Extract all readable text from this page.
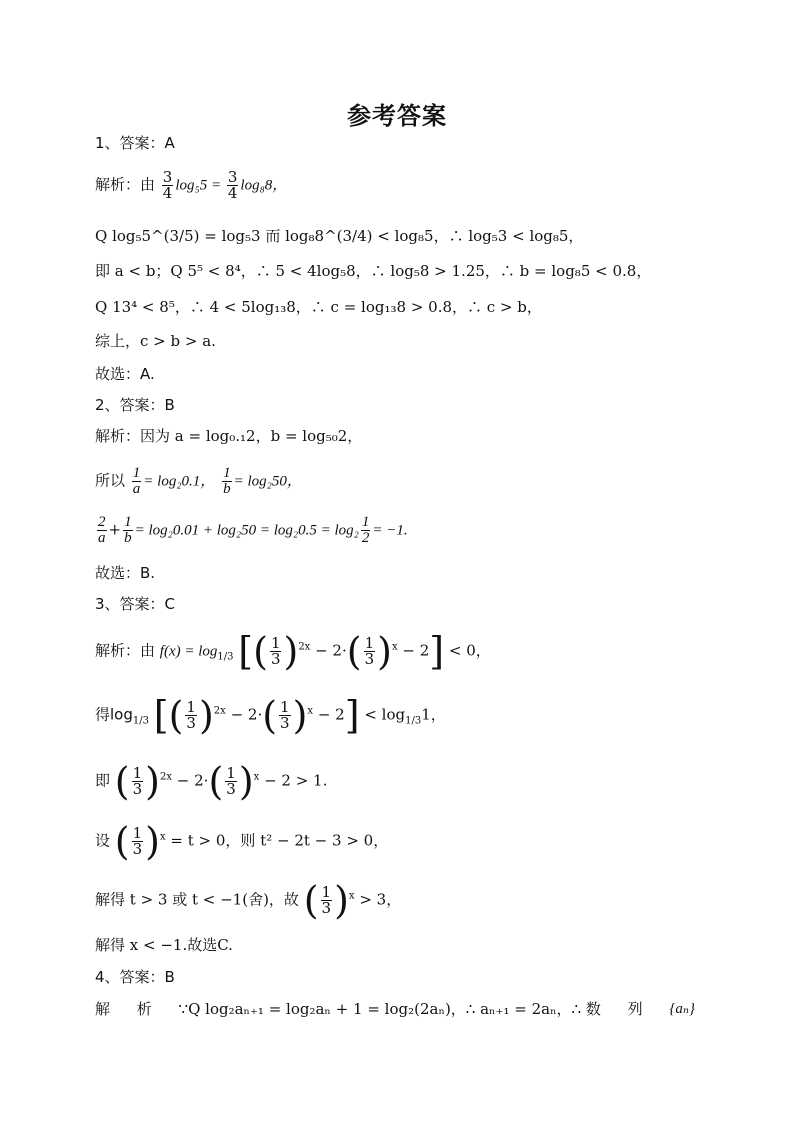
参考答案
1、答案：A
解析：由 $\frac{3}{4} \log_55 = \frac{3}{4} \log_88$，
Q log₅5^(3/5) = log₅3 而 log₈8^(3/4) < log₈5，∴ log₅3 < log₈5，
即 a < b；Q 5⁵ < 8⁴，∴ 5 < 4log₅8，∴ log₅8 > 1.25，∴ b = log₈5 < 0.8，
Q 13⁴ < 8⁵，∴ 4 < 5log₁₃8，∴ c = log₁₃8 > 0.8，∴ c > b，
综上，c > b > a.
故选：A.
2、答案：B
解析：因为 a = log₀.₁2，b = log₅₀2，
所以 $\frac{1}{a} = \log_20.1$， $\frac{1}{b} = \log_250$，
$\frac{2}{a} + \frac{1}{b} = \log_20.01 + \log_250 = \log_20.5 = \log_2 \frac{1}{2} = -1$.
故选：B.
3、答案：C
解析：由 $f(x) = \log_{1/3}$ [( $\frac{1}{3} )^{2x} - 2\cdot( \frac{1}{3} )^x - 2] < 0$，
得$\log_{1/3}$ [( $\frac{1}{3} )^{2x} - 2\cdot( \frac{1}{3} )^x - 2] < \log_{1/3}1$，
即 ( $\frac{1}{3} )^{2x} - 2\cdot( \frac{1}{3} )^x - 2 > 1$.
设 ( $\frac{1}{3} )^x = t > 0$，则 t² − 2t − 3 > 0，
解得 t > 3 或 t < −1(舍)，故 ( $\frac{1}{3} )^x > 3$，
解得 x < −1.故选C.
4、答案：B
解 析 ∵Q log₂aₙ₊₁ = log₂aₙ + 1 = log₂(2aₙ)，∴ aₙ₊₁ = 2aₙ，∴ 数 列 {aₙ}
